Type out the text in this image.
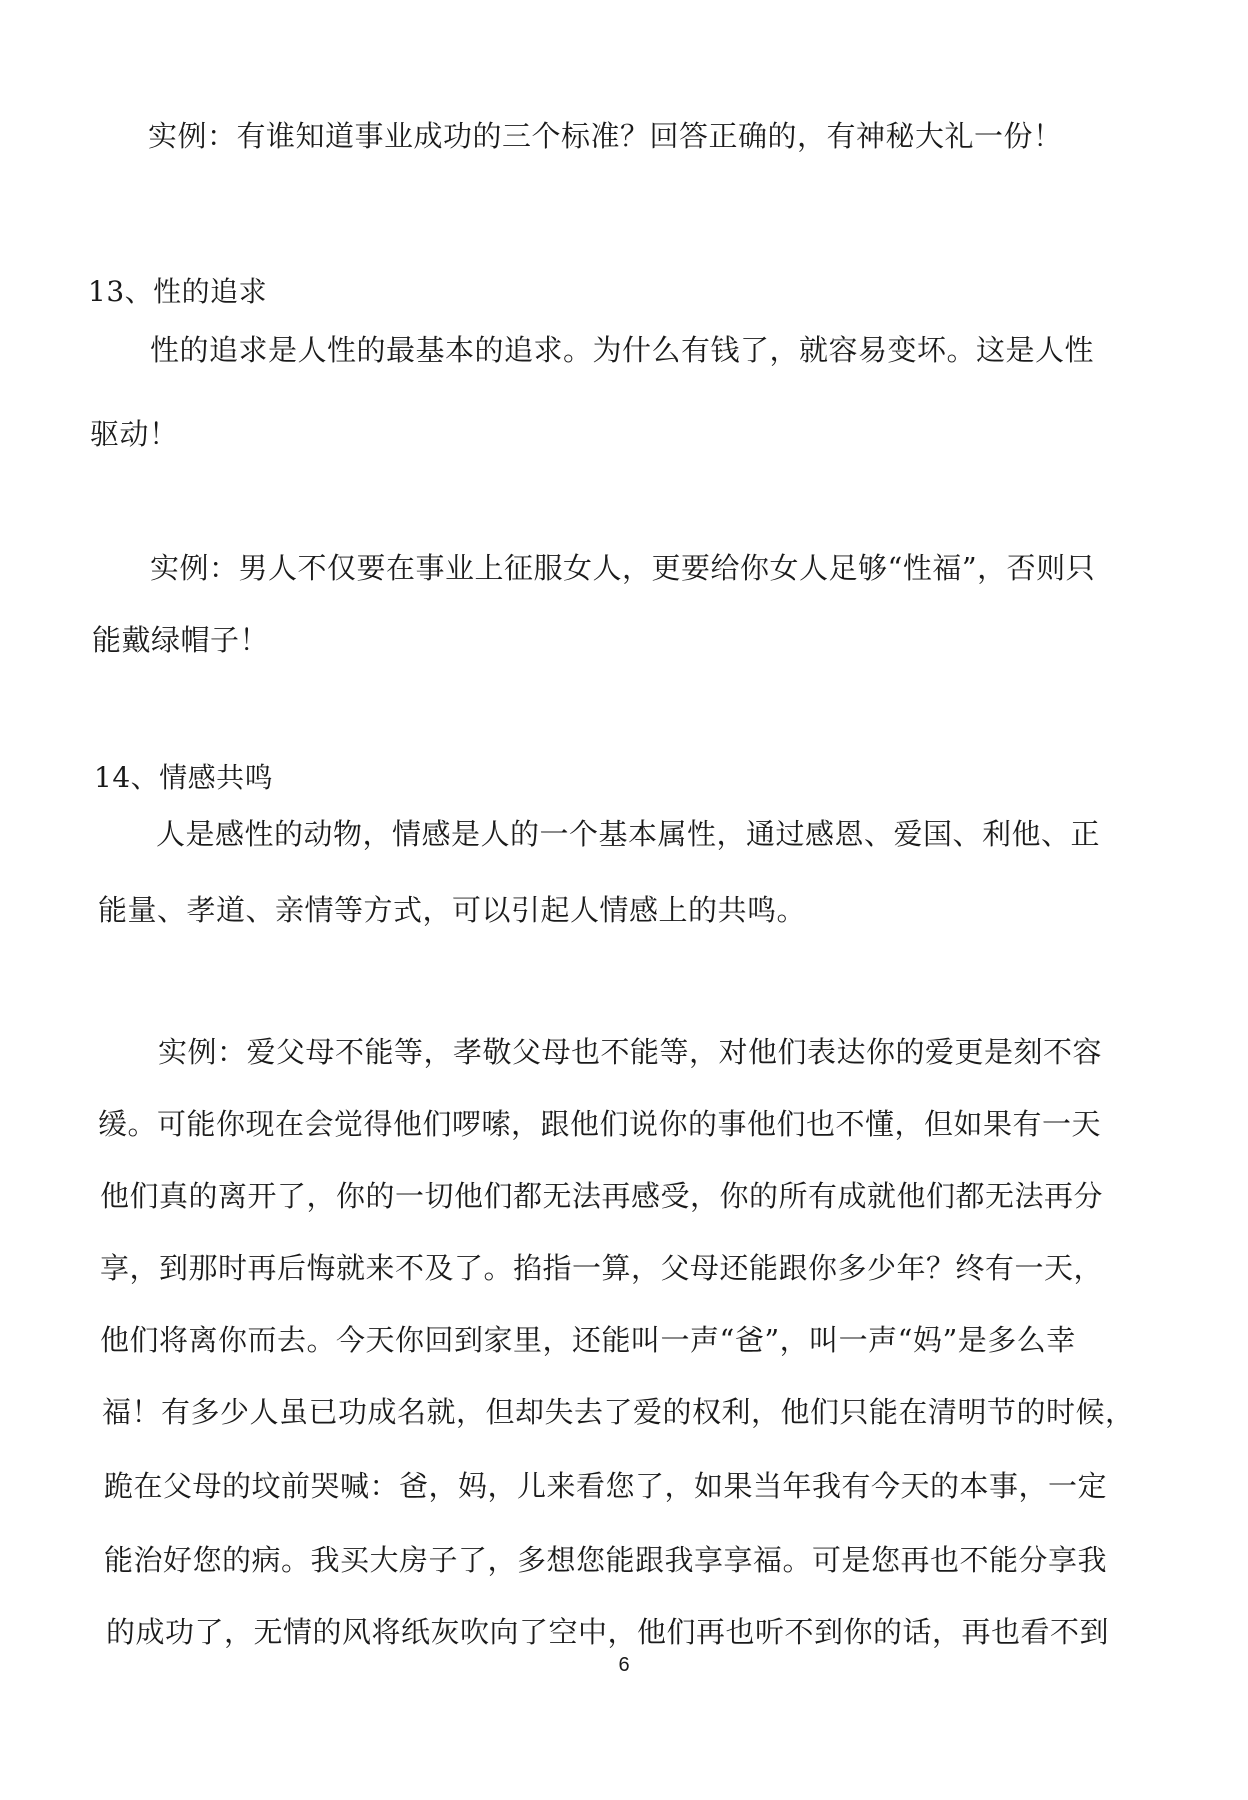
实例：有谁知道事业成功的三个标准？回答正确的，有神秘大礼一份！

13、性的追求

性的追求是人性的最基本的追求。为什么有钱了，就容易变坏。这是人性

驱动！

实例：男人不仅要在事业上征服女人，更要给你女人足够“性福”，否则只

能戴绿帽子！

14、情感共鸣

人是感性的动物，情感是人的一个基本属性，通过感恩、爱国、利他、正

能量、孝道、亲情等方式，可以引起人情感上的共鸣。

实例：爱父母不能等，孝敬父母也不能等，对他们表达你的爱更是刻不容

缓。可能你现在会觉得他们啰嗦，跟他们说你的事他们也不懂，但如果有一天

他们真的离开了，你的一切他们都无法再感受，你的所有成就他们都无法再分

享，到那时再后悔就来不及了。掐指一算，父母还能跟你多少年？终有一天，

他们将离你而去。今天你回到家里，还能叫一声“爸”，叫一声“妈”是多么幸

福！有多少人虽已功成名就，但却失去了爱的权利，他们只能在清明节的时候，

跪在父母的坟前哭喊：爸，妈，儿来看您了，如果当年我有今天的本事，一定

能治好您的病。我买大房子了，多想您能跟我享享福。可是您再也不能分享我

的成功了，无情的风将纸灰吹向了空中，他们再也听不到你的话，再也看不到

6
